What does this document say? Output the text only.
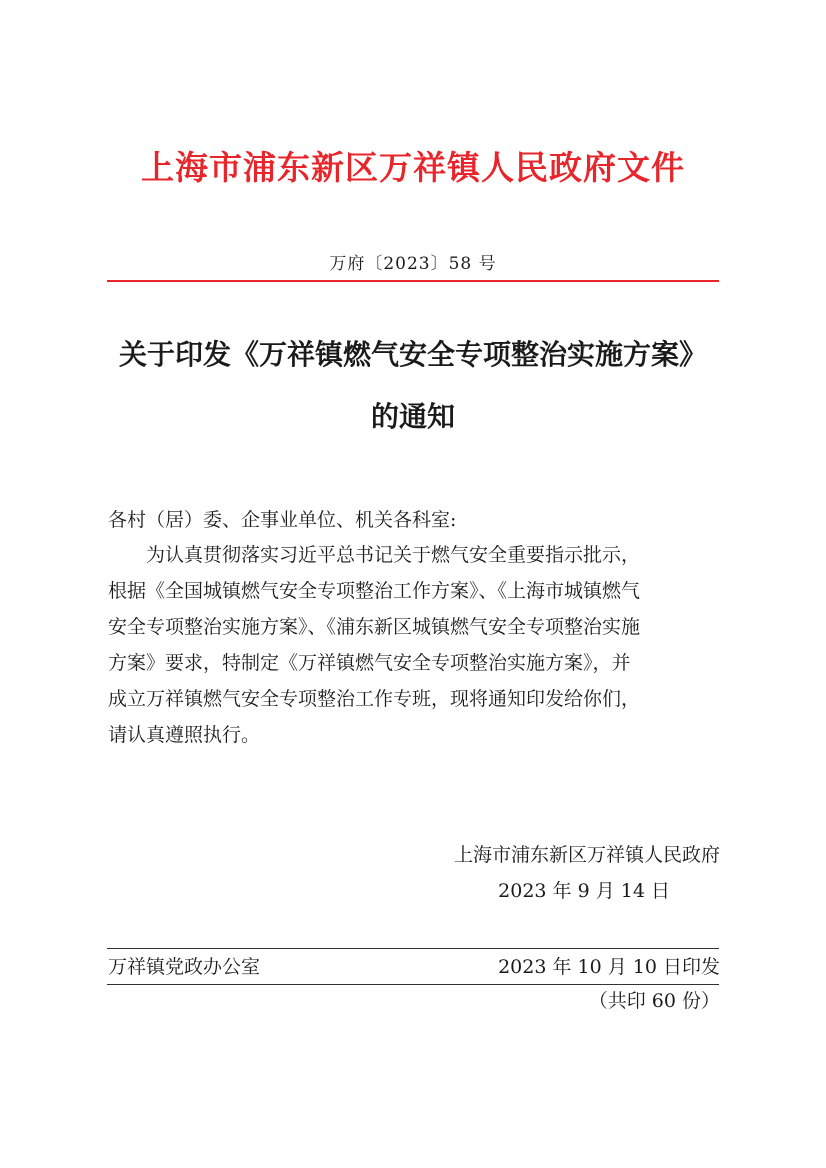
上海市浦东新区万祥镇人民政府文件
万府〔2023〕58 号
关于印发《万祥镇燃气安全专项整治实施方案》
的通知
各村（居）委、企事业单位、机关各科室:
　　为认真贯彻落实习近平总书记关于燃气安全重要指示批示，
根据《全国城镇燃气安全专项整治工作方案》、《上海市城镇燃气
安全专项整治实施方案》、《浦东新区城镇燃气安全专项整治实施
方案》要求，特制定《万祥镇燃气安全专项整治实施方案》，并
成立万祥镇燃气安全专项整治工作专班，现将通知印发给你们，
请认真遵照执行。
上海市浦东新区万祥镇人民政府
2023 年 9 月 14 日
万祥镇党政办公室	2023 年 10 月 10 日印发
（共印 60 份）
